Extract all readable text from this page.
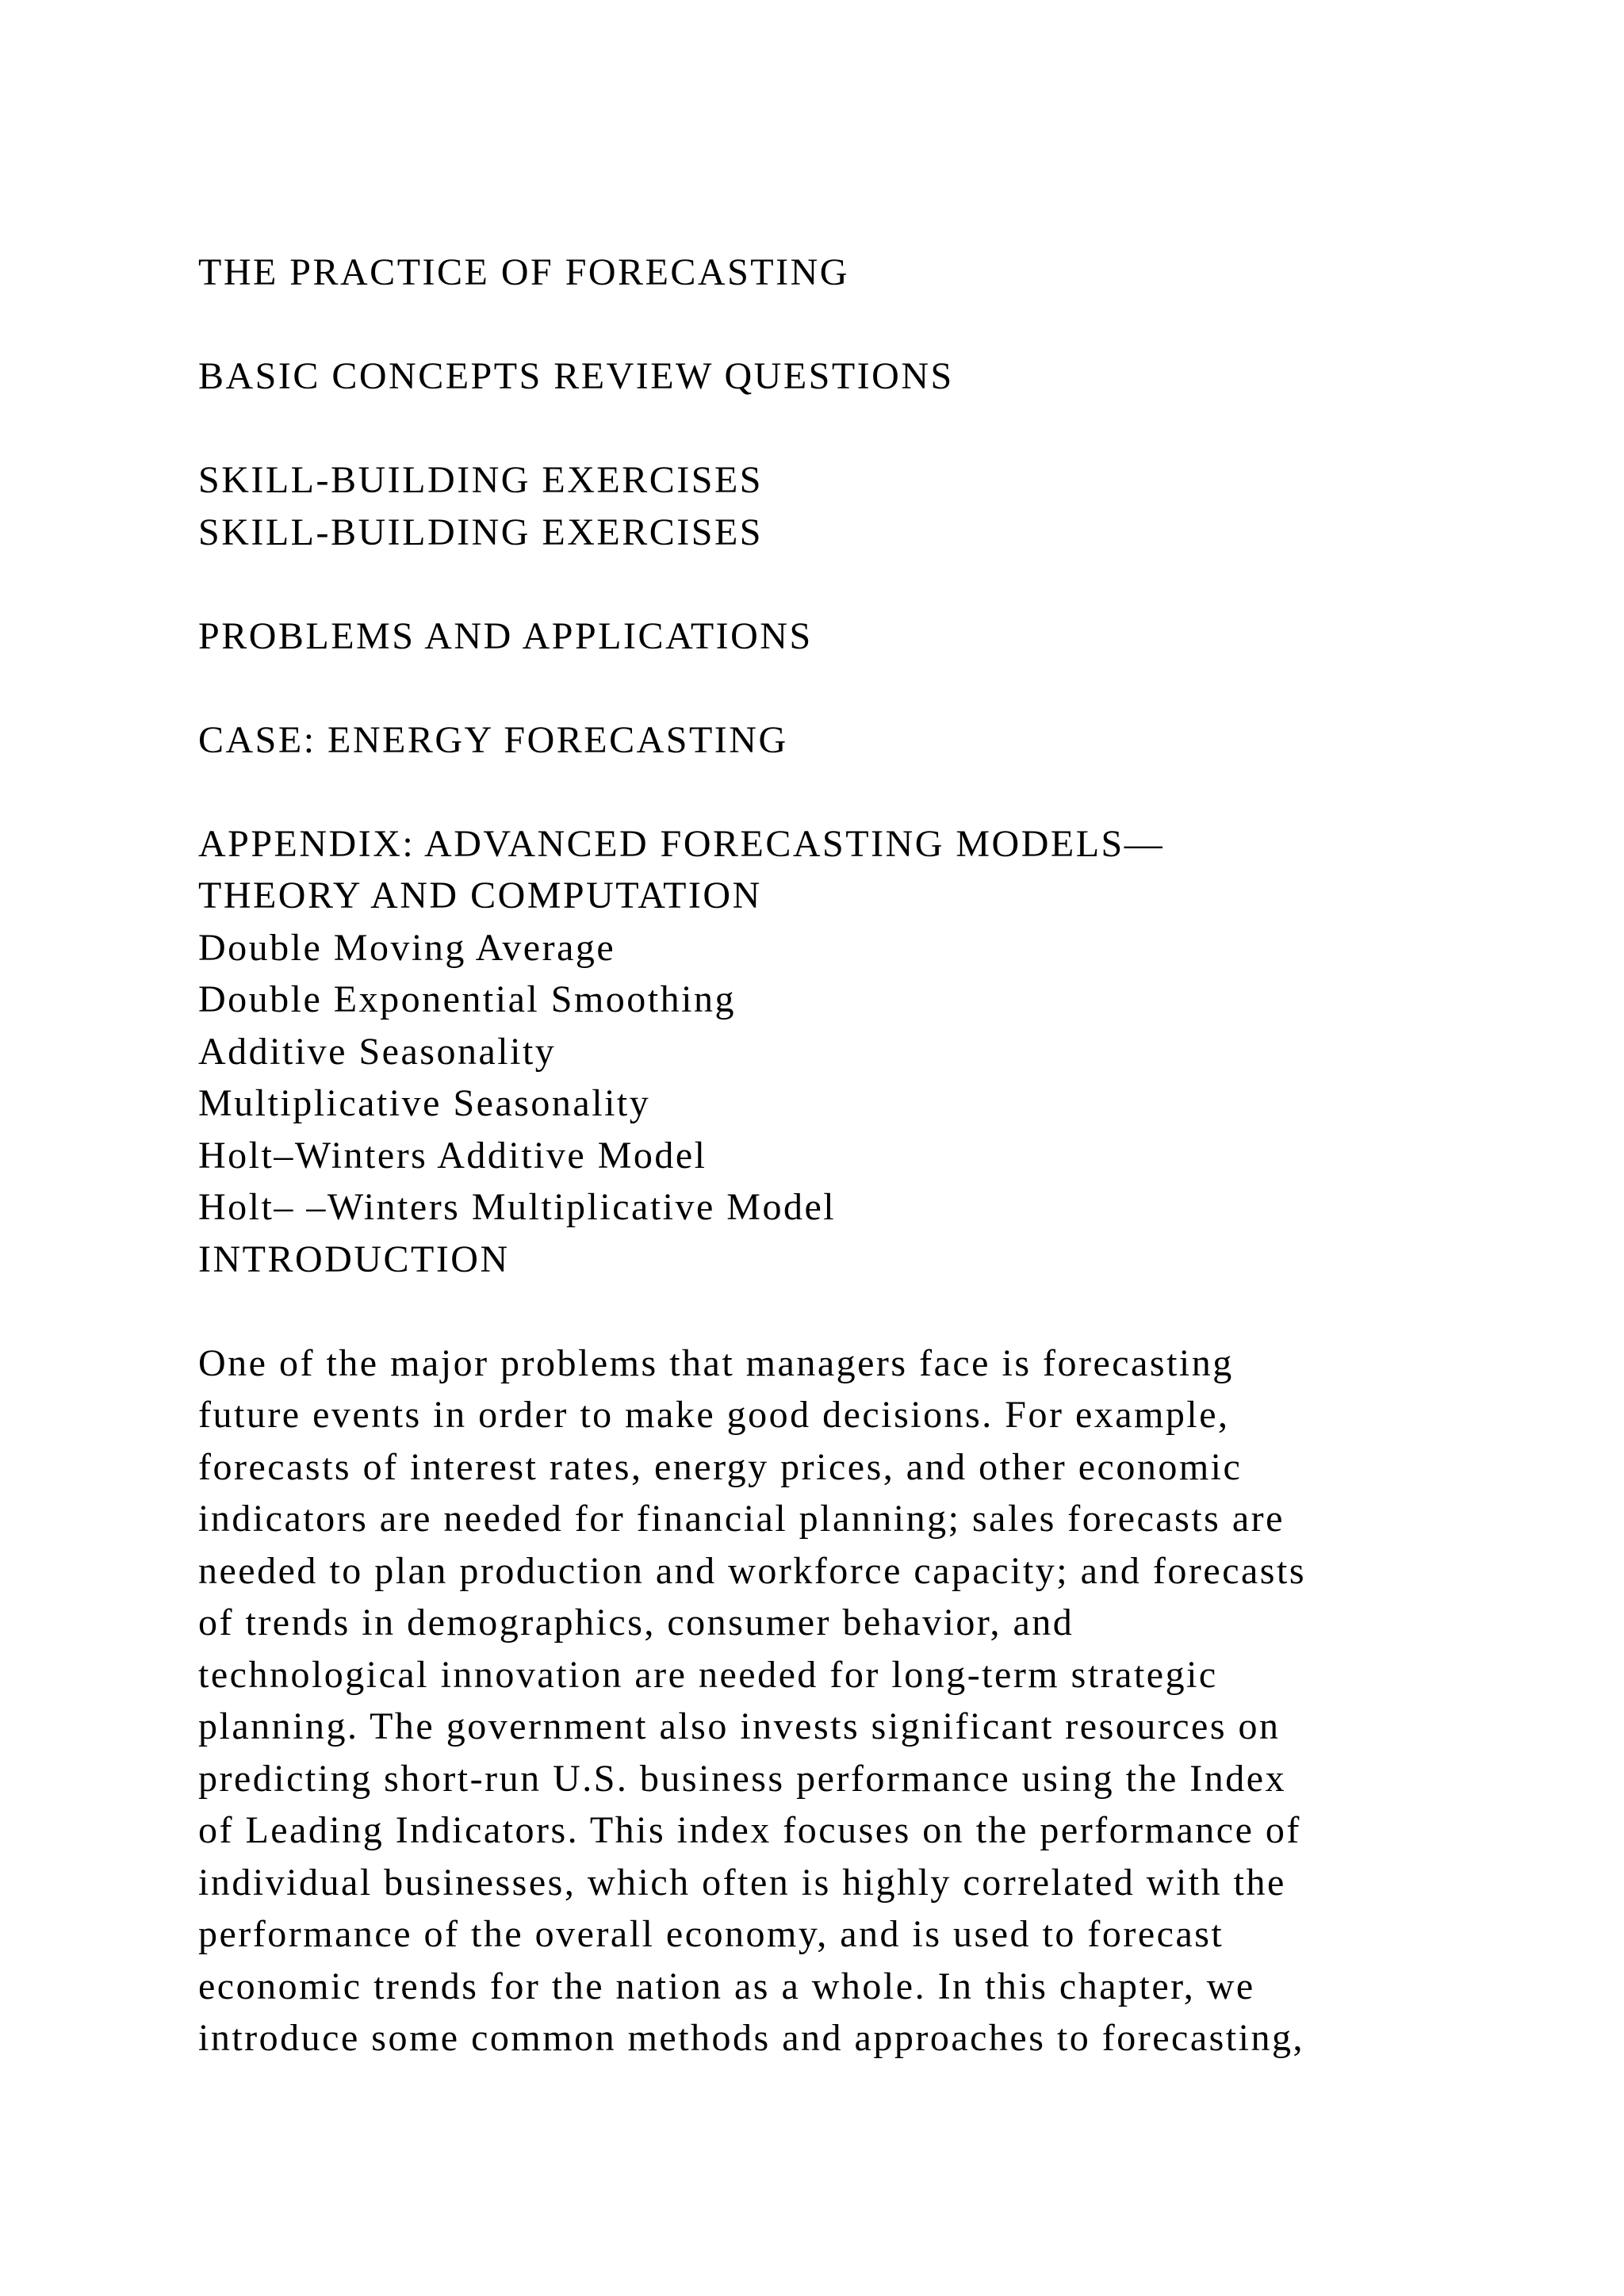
THE PRACTICE OF FORECASTING
BASIC CONCEPTS REVIEW QUESTIONS
SKILL-BUILDING EXERCISES
SKILL-BUILDING EXERCISES
PROBLEMS AND APPLICATIONS
CASE: ENERGY FORECASTING
APPENDIX: ADVANCED FORECASTING MODELS—
THEORY AND COMPUTATION
Double Moving Average
Double Exponential Smoothing
Additive Seasonality
Multiplicative Seasonality
Holt–Winters Additive Model
Holt– –Winters Multiplicative Model
INTRODUCTION
One of the major problems that managers face is forecasting
future events in order to make good decisions. For example,
forecasts of interest rates, energy prices, and other economic
indicators are needed for financial planning; sales forecasts are
needed to plan production and workforce capacity; and forecasts
of trends in demographics, consumer behavior, and
technological innovation are needed for long-term strategic
planning. The government also invests significant resources on
predicting short-run U.S. business performance using the Index
of Leading Indicators. This index focuses on the performance of
individual businesses, which often is highly correlated with the
performance of the overall economy, and is used to forecast
economic trends for the nation as a whole. In this chapter, we
introduce some common methods and approaches to forecasting,
